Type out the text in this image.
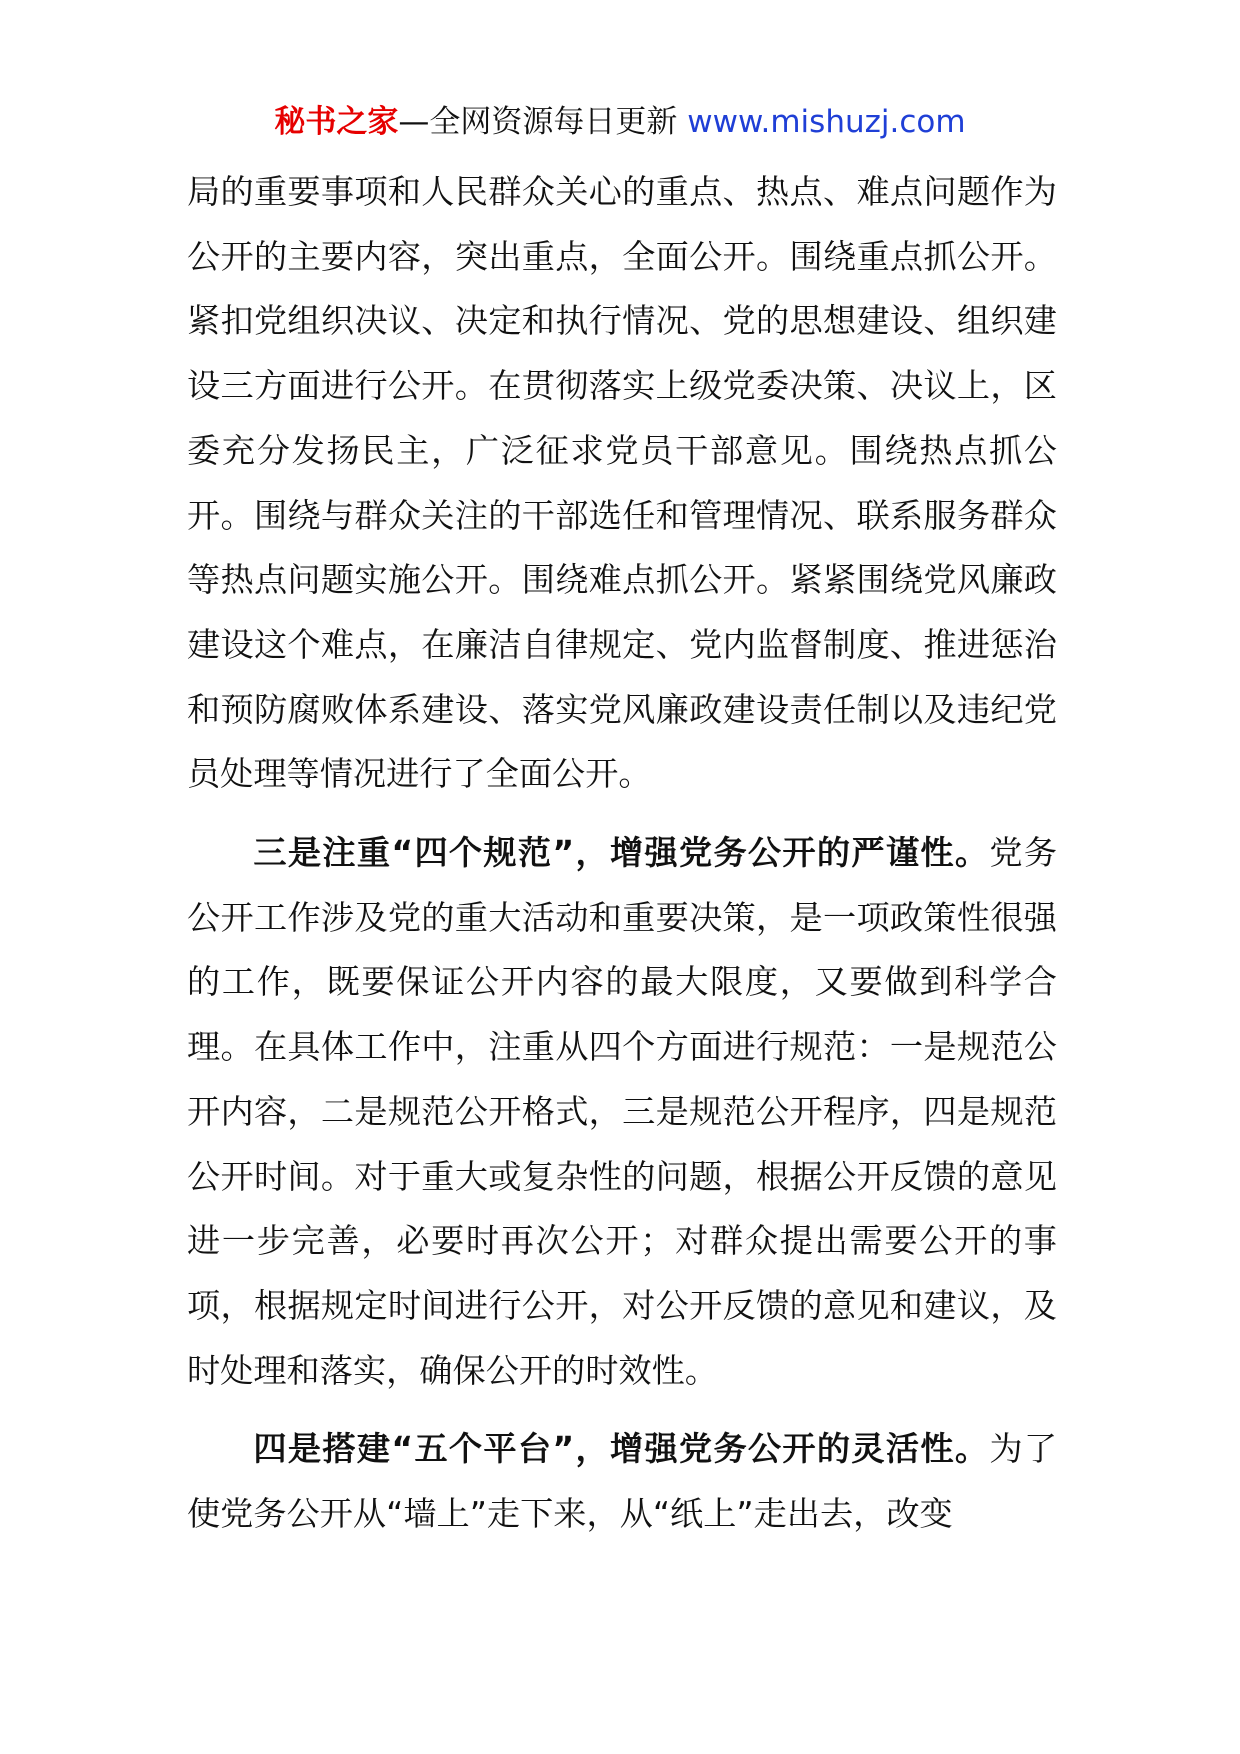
秘书之家—全网资源每日更新 www.mishuzj.com

局的重要事项和人民群众关心的重点、热点、难点问题作为公开的主要内容，突出重点，全面公开。围绕重点抓公开。紧扣党组织决议、决定和执行情况、党的思想建设、组织建设三方面进行公开。在贯彻落实上级党委决策、决议上，区委充分发扬民主，广泛征求党员干部意见。围绕热点抓公开。围绕与群众关注的干部选任和管理情况、联系服务群众等热点问题实施公开。围绕难点抓公开。紧紧围绕党风廉政建设这个难点，在廉洁自律规定、党内监督制度、推进惩治和预防腐败体系建设、落实党风廉政建设责任制以及违纪党员处理等情况进行了全面公开。

三是注重“四个规范”，增强党务公开的严谨性。党务公开工作涉及党的重大活动和重要决策，是一项政策性很强的工作，既要保证公开内容的最大限度，又要做到科学合理。在具体工作中，注重从四个方面进行规范：一是规范公开内容，二是规范公开格式，三是规范公开程序，四是规范公开时间。对于重大或复杂性的问题，根据公开反馈的意见进一步完善，必要时再次公开；对群众提出需要公开的事项，根据规定时间进行公开，对公开反馈的意见和建议，及时处理和落实，确保公开的时效性。

四是搭建“五个平台”，增强党务公开的灵活性。为了使党务公开从“墙上”走下来，从“纸上”走出去，改变
